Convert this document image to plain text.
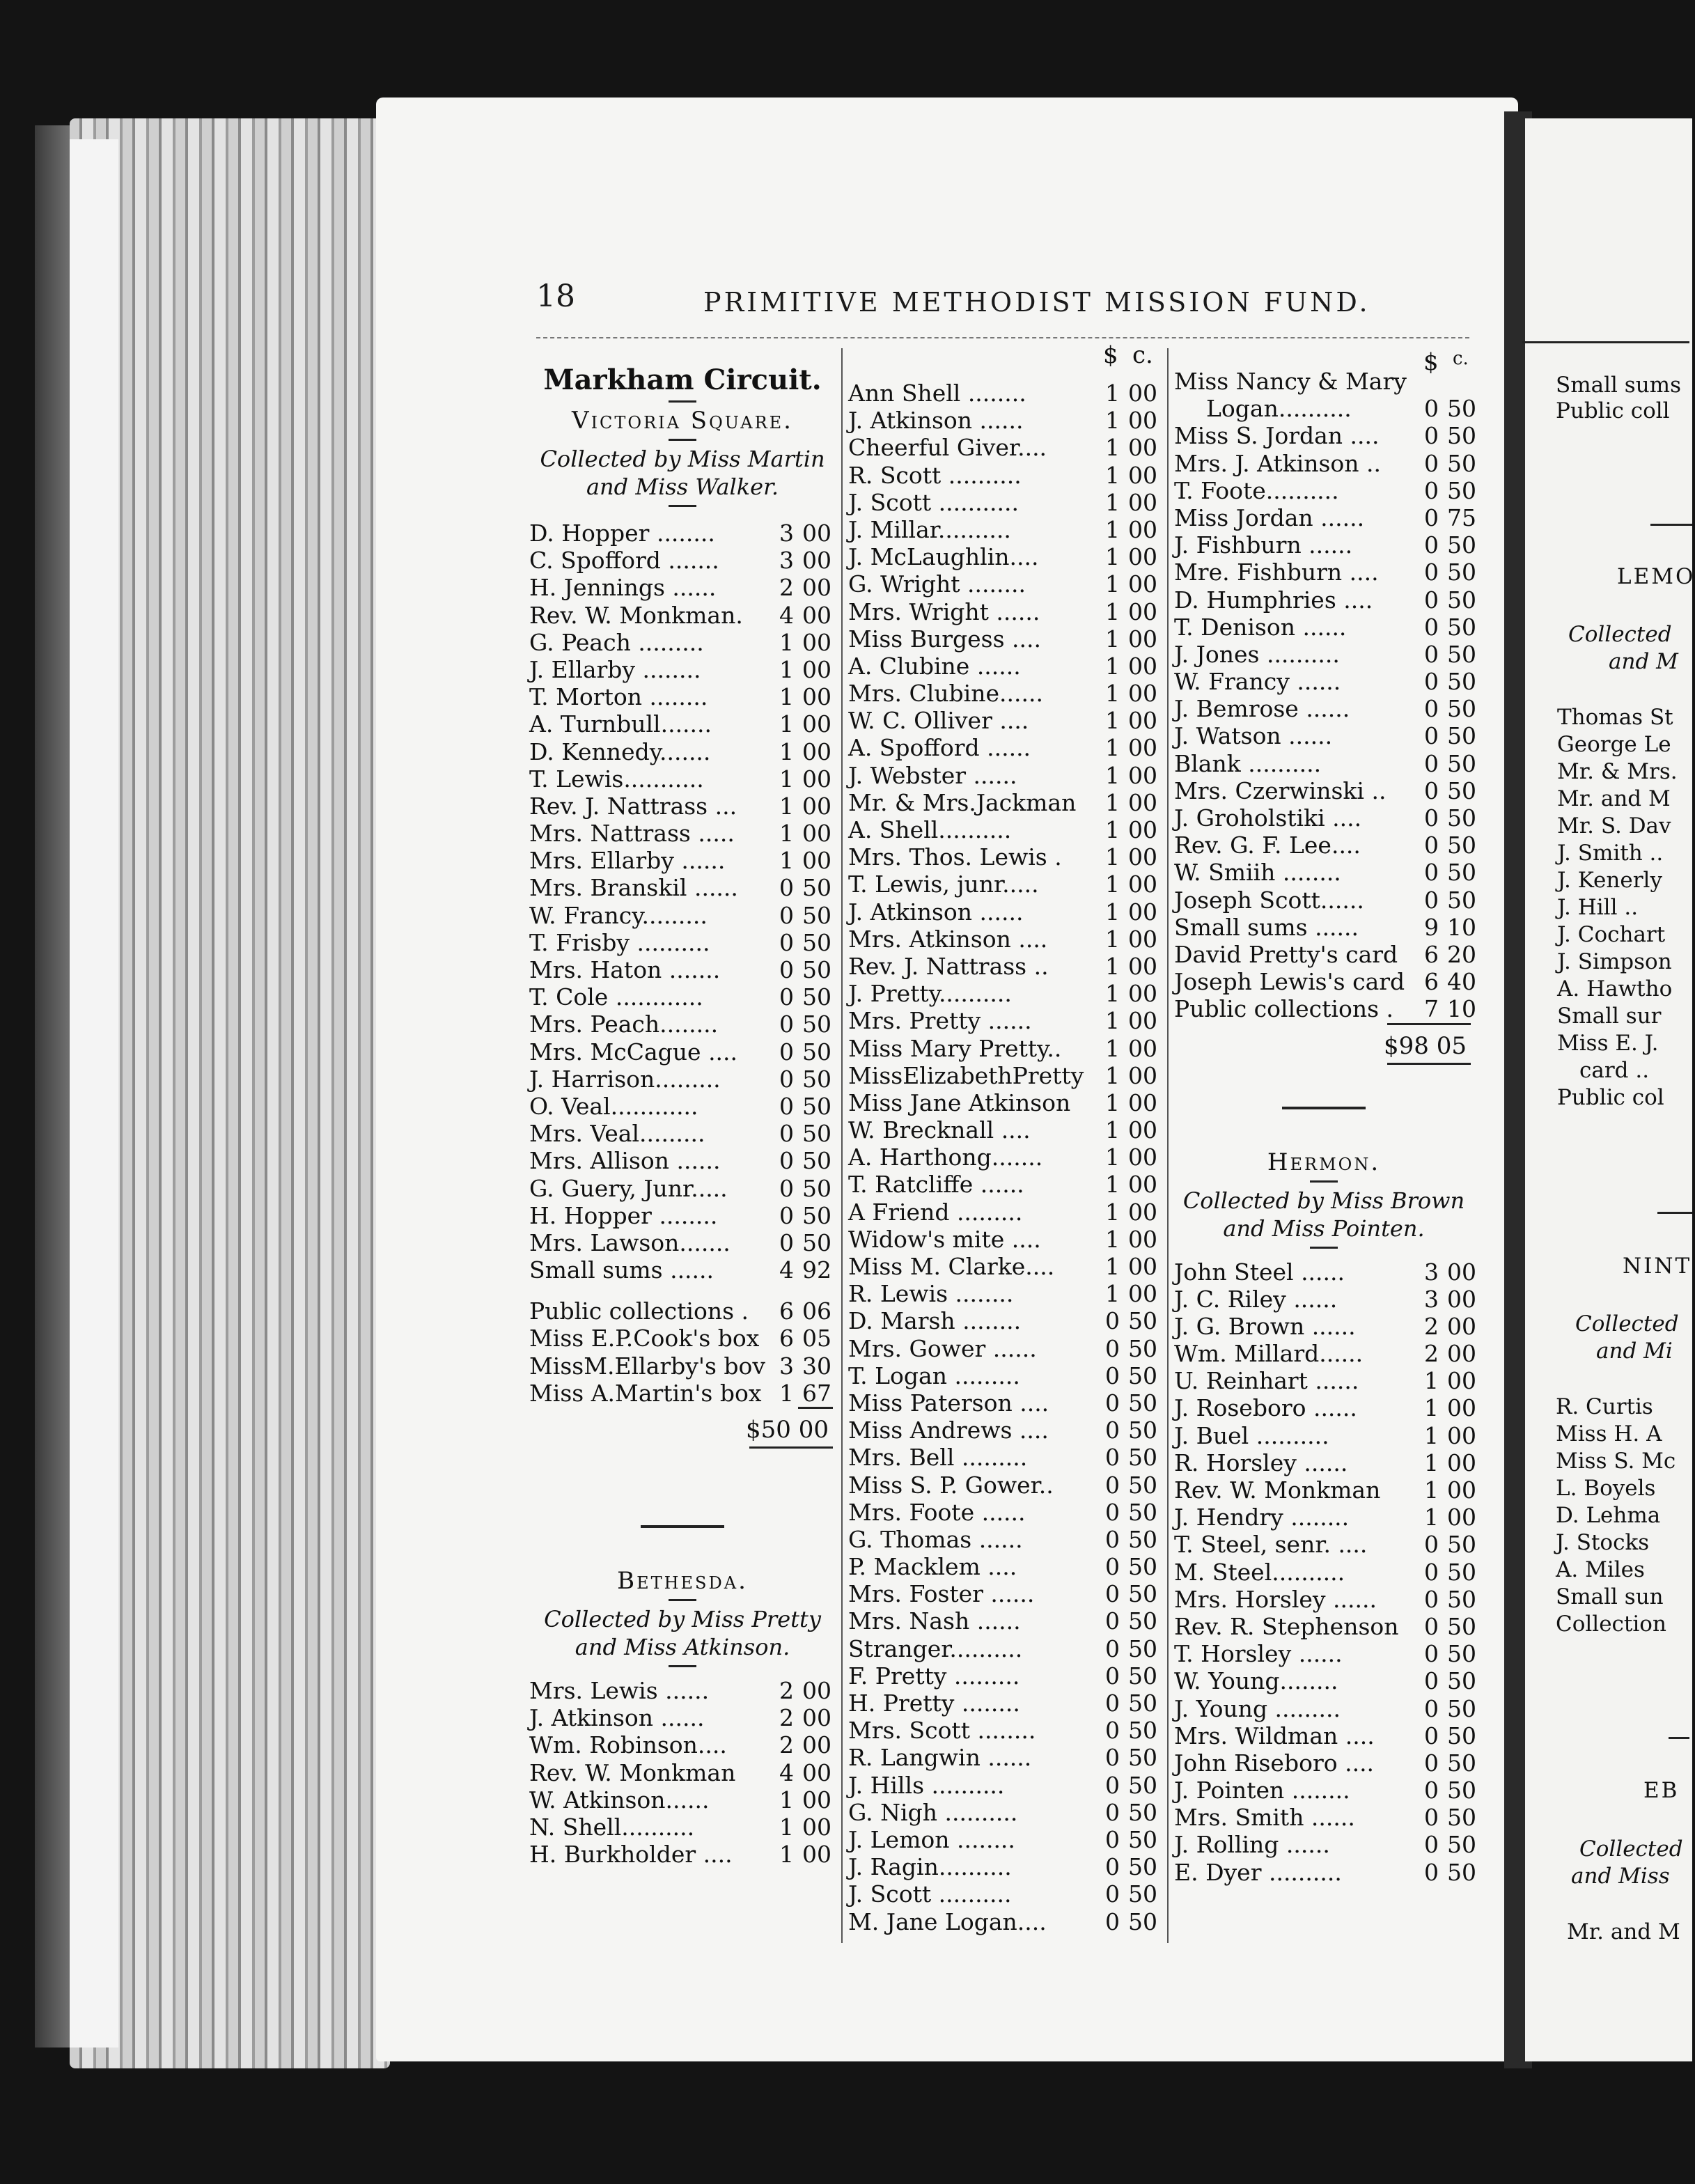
Small sums
Public coll
LEMO
Collected
and M
Thomas St
George Le
Mr. & Mrs.
Mr. and M
Mr. S. Dav
J. Smith ..
J. Kenerly
J. Hill ..
J. Cochart
J. Simpson
A. Hawtho
Small sur
Miss E. J.
card ..
Public col
NINT
Collected
and Mi
R. Curtis
Miss H. A
Miss S. Mc
L. Boyels
D. Lehma
J. Stocks
A. Miles
Small sun
Collection
EB
Collected
and Miss
Mr. and M
18	PRIMITIVE METHODIST MISSION FUND.
$ c.	$ c.
Markham Circuit.
Victoria Square.
Collected by Miss Martin
and Miss Walker.
D. Hopper ........	3 00
C. Spofford .......	3 00
H. Jennings ......	2 00
Rev. W. Monkman. 4 00
G. Peach .........	1 00
J. Ellarby ........	1 00
T. Morton ........	1 00
A. Turnbull.......	1 00
D. Kennedy.......	1 00
T. Lewis...........	1 00
Rev. J. Nattrass ... 1 00
Mrs. Nattrass ..... 1 00
Mrs. Ellarby ...... 1 00
Mrs. Branskil ...... 0 50
W. Francy.........	0 50
T. Frisby ..........	0 50
Mrs. Haton .......	0 50
T. Cole ............	0 50
Mrs. Peach........	0 50
Mrs. McCague .... 0 50
J. Harrison.........	0 50
O. Veal............	0 50
Mrs. Veal.........	0 50
Mrs. Allison ......	0 50
G. Guery, Junr..... 0 50
H. Hopper ........	0 50
Mrs. Lawson....... 0 50
Small sums ......	4 92
Public collections . 6 06
Miss E.P.Cook's box 6 05
MissM.Ellarby's bov 3 30
Miss A.Martin's box 1 67
$50 00
Bethesda.
Collected by Miss Pretty
and Miss Atkinson.
Mrs. Lewis ......	2 00
J. Atkinson ......	2 00
Wm. Robinson.... 2 00
Rev. W. Monkman 4 00
W. Atkinson......	1 00
N. Shell..........	1 00
H. Burkholder .... 1 00
Ann Shell ........	1 00
J. Atkinson ......	1 00
Cheerful Giver....	1 00
R. Scott ..........	1 00
J. Scott ...........	1 00
J. Millar..........	1 00
J. McLaughlin....	1 00
G. Wright ........	1 00
Mrs. Wright ......	1 00
Miss Burgess ....	1 00
A. Clubine ......	1 00
Mrs. Clubine......	1 00
W. C. Olliver ....	1 00
A. Spofford ......	1 00
J. Webster ......	1 00
Mr. & Mrs.Jackman 1 00
A. Shell..........	1 00
Mrs. Thos. Lewis . 1 00
T. Lewis, junr.....	1 00
J. Atkinson ......	1 00
Mrs. Atkinson ....	1 00
Rev. J. Nattrass .. 1 00
J. Pretty..........	1 00
Mrs. Pretty ......	1 00
Miss Mary Pretty.. 1 00
MissElizabethPretty 1 00
Miss Jane Atkinson 1 00
W. Brecknall ....	1 00
A. Harthong.......	1 00
T. Ratcliffe ......	1 00
A Friend .........	1 00
Widow's mite ....	1 00
Miss M. Clarke.... 1 00
R. Lewis ........	1 00
D. Marsh ........	0 50
Mrs. Gower ......	0 50
T. Logan .........	0 50
Miss Paterson .... 0 50
Miss Andrews .... 0 50
Mrs. Bell .........	0 50
Miss S. P. Gower.. 0 50
Mrs. Foote ......	0 50
G. Thomas ......	0 50
P. Macklem ....	0 50
Mrs. Foster ......	0 50
Mrs. Nash ......	0 50
Stranger..........	0 50
F. Pretty .........	0 50
H. Pretty ........	0 50
Mrs. Scott ........	0 50
R. Langwin ......	0 50
J. Hills ..........	0 50
G. Nigh ..........	0 50
J. Lemon ........	0 50
J. Ragin..........	0 50
J. Scott ..........	0 50
M. Jane Logan....	0 50
Miss Nancy & Mary
Logan..........	0 50
Miss S. Jordan .... 0 50
Mrs. J. Atkinson .. 0 50
T. Foote..........	0 50
Miss Jordan ......	0 75
J. Fishburn ......	0 50
Mre. Fishburn .... 0 50
D. Humphries .... 0 50
T. Denison ......	0 50
J. Jones ..........	0 50
W. Francy ......	0 50
J. Bemrose ......	0 50
J. Watson ......	0 50
Blank ..........	0 50
Mrs. Czerwinski .. 0 50
J. Groholstiki ....	0 50
Rev. G. F. Lee....	0 50
W. Smiih ........	0 50
Joseph Scott......	0 50
Small sums ......	9 10
David Pretty's card 6 20
Joseph Lewis's card 6 40
Public collections . 7 10
$98 05
Hermon.
Collected by Miss Brown
and Miss Pointen.
John Steel ......	3 00
J. C. Riley ......	3 00
J. G. Brown ......	2 00
Wm. Millard......	2 00
U. Reinhart ......	1 00
J. Roseboro ......	1 00
J. Buel ..........	1 00
R. Horsley ......	1 00
Rev. W. Monkman 1 00
J. Hendry ........	1 00
T. Steel, senr. .... 0 50
M. Steel..........	0 50
Mrs. Horsley ...... 0 50
Rev. R. Stephenson 0 50
T. Horsley ......	0 50
W. Young........	0 50
J. Young .........	0 50
Mrs. Wildman .... 0 50
John Riseboro .... 0 50
J. Pointen ........	0 50
Mrs. Smith ......	0 50
J. Rolling ......	0 50
E. Dyer ..........	0 50
